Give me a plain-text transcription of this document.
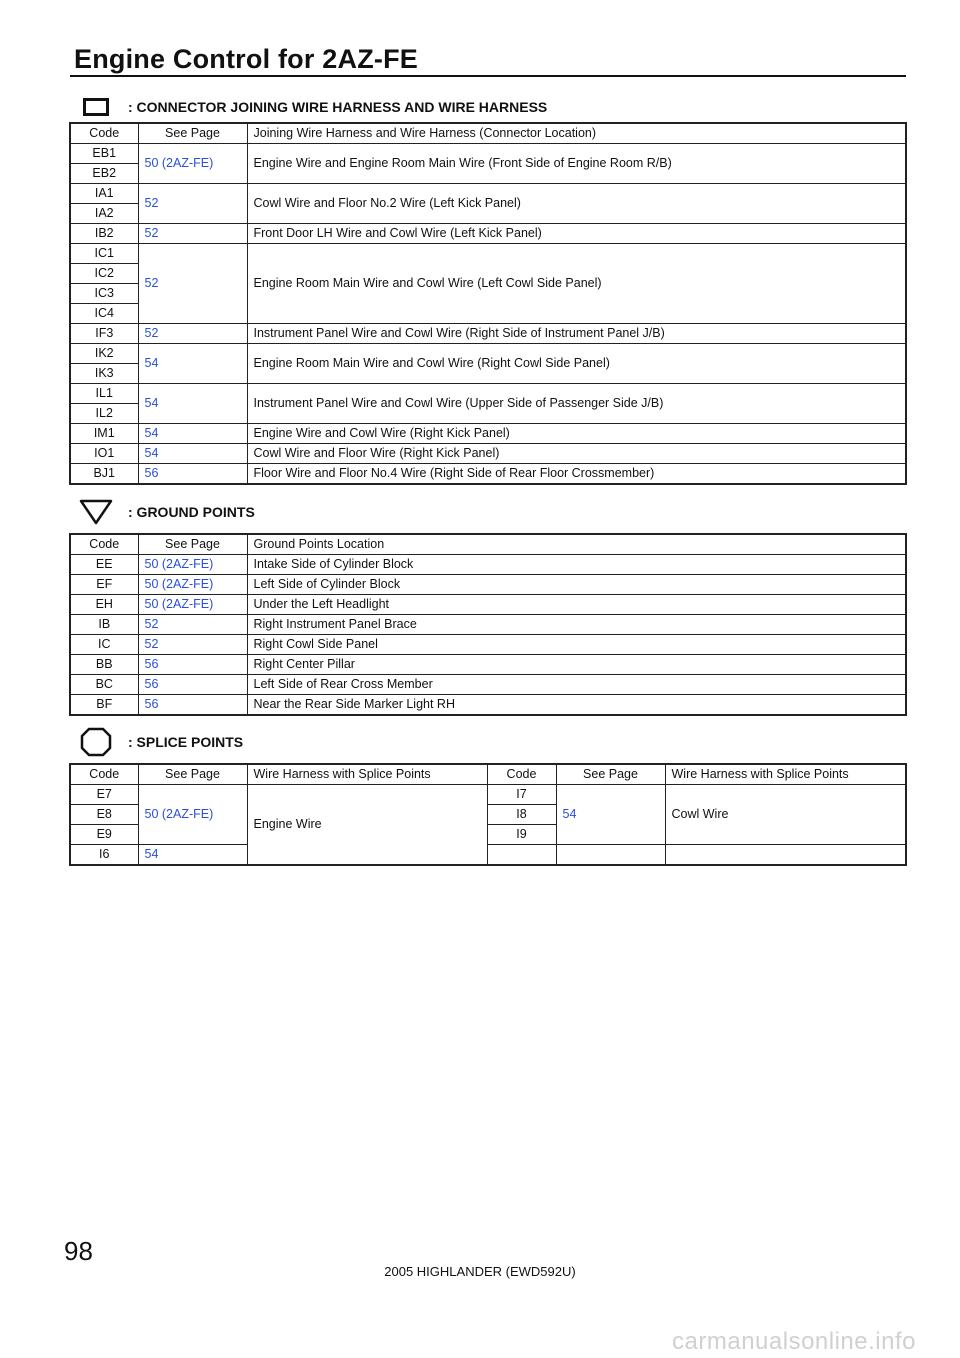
Engine Control for 2AZ-FE
: CONNECTOR JOINING WIRE HARNESS AND WIRE HARNESS
Code	See Page	Joining Wire Harness and Wire Harness (Connector Location)
EB1	50 (2AZ-FE)	Engine Wire and Engine Room Main Wire (Front Side of Engine Room R/B)
EB2		
IA1	52	Cowl Wire and Floor No.2 Wire (Left Kick Panel)
IA2		
IB2	52	Front Door LH Wire and Cowl Wire (Left Kick Panel)
IC1	52	Engine Room Main Wire and Cowl Wire (Left Cowl Side Panel)
IC2		
IC3		
IC4		
IF3	52	Instrument Panel Wire and Cowl Wire (Right Side of Instrument Panel J/B)
IK2	54	Engine Room Main Wire and Cowl Wire (Right Cowl Side Panel)
IK3		
IL1	54	Instrument Panel Wire and Cowl Wire (Upper Side of Passenger Side J/B)
IL2		
IM1	54	Engine Wire and Cowl Wire (Right Kick Panel)
IO1	54	Cowl Wire and Floor Wire (Right Kick Panel)
BJ1	56	Floor Wire and Floor No.4 Wire (Right Side of Rear Floor Crossmember)
: GROUND POINTS
Code	See Page	Ground Points Location
EE	50 (2AZ-FE)	Intake Side of Cylinder Block
EF	50 (2AZ-FE)	Left Side of Cylinder Block
EH	50 (2AZ-FE)	Under the Left Headlight
IB	52	Right Instrument Panel Brace
IC	52	Right Cowl Side Panel
BB	56	Right Center Pillar
BC	56	Left Side of Rear Cross Member
BF	56	Near the Rear Side Marker Light RH
: SPLICE POINTS
Code	See Page	Wire Harness with Splice Points	Code	See Page	Wire Harness with Splice Points
E7	50 (2AZ-FE)	Engine Wire	I7	54	Cowl Wire
E8			I8		
E9			I9		
I6	54				
98
2005 HIGHLANDER (EWD592U)
carmanualsonline.info
